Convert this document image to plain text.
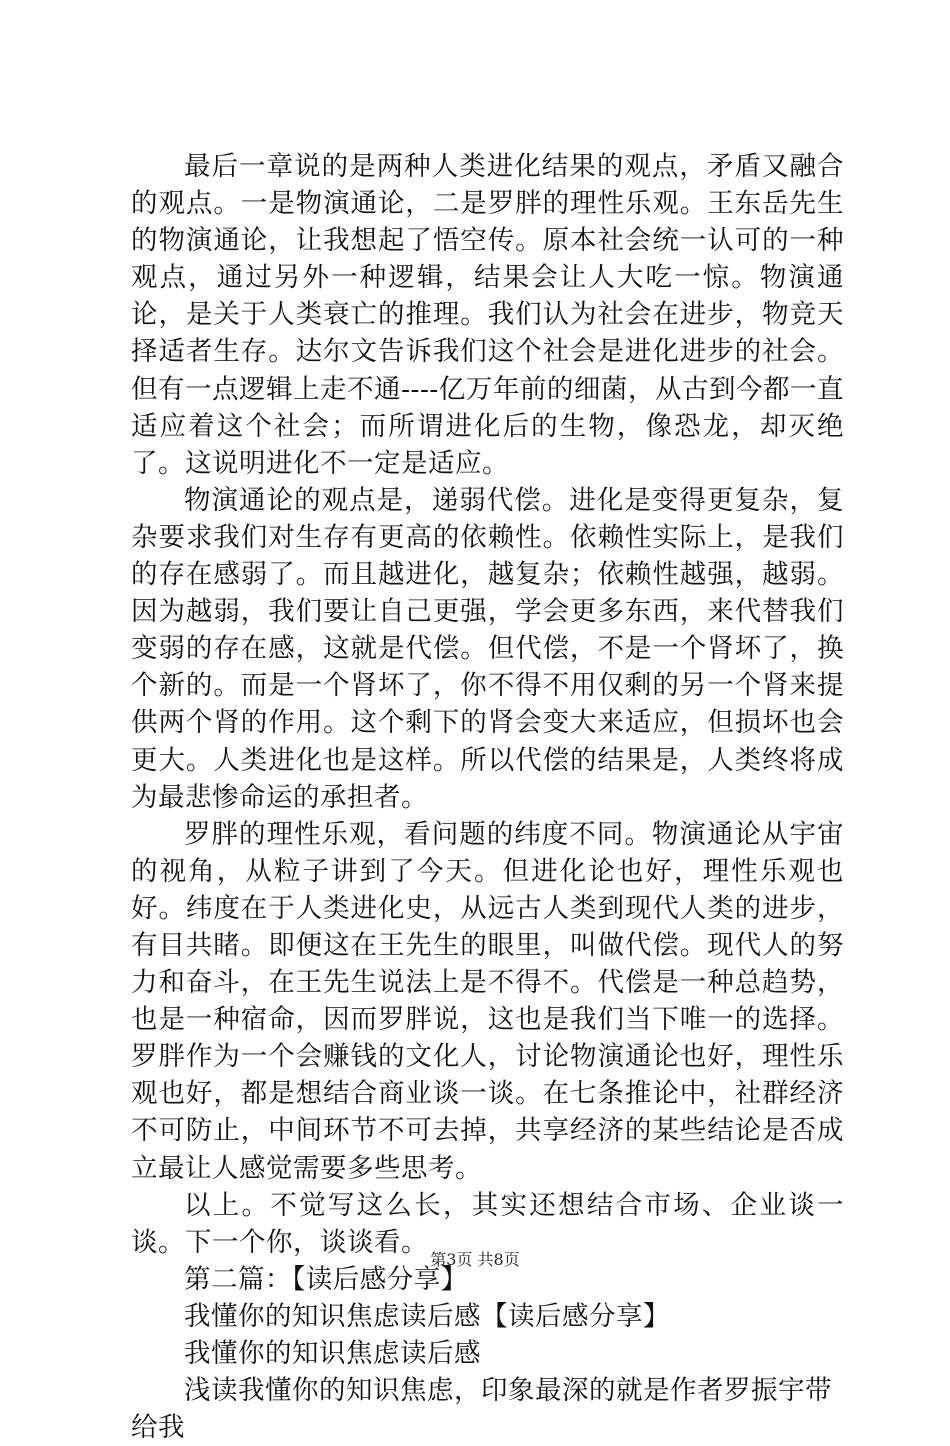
最后一章说的是两种人类进化结果的观点，矛盾又融合的观点。一是物演通论，二是罗胖的理性乐观。王东岳先生的物演通论，让我想起了悟空传。原本社会统一认可的一种观点，通过另外一种逻辑，结果会让人大吃一惊。物演通论，是关于人类衰亡的推理。我们认为社会在进步，物竞天择适者生存。达尔文告诉我们这个社会是进化进步的社会。但有一点逻辑上走不通----亿万年前的细菌，从古到今都一直适应着这个社会；而所谓进化后的生物，像恐龙，却灭绝了。这说明进化不一定是适应。

物演通论的观点是，递弱代偿。进化是变得更复杂，复杂要求我们对生存有更高的依赖性。依赖性实际上，是我们的存在感弱了。而且越进化，越复杂；依赖性越强，越弱。因为越弱，我们要让自己更强，学会更多东西，来代替我们变弱的存在感，这就是代偿。但代偿，不是一个肾坏了，换个新的。而是一个肾坏了，你不得不用仅剩的另一个肾来提供两个肾的作用。这个剩下的肾会变大来适应，但损坏也会更大。人类进化也是这样。所以代偿的结果是，人类终将成为最悲惨命运的承担者。

罗胖的理性乐观，看问题的纬度不同。物演通论从宇宙的视角，从粒子讲到了今天。但进化论也好，理性乐观也好。纬度在于人类进化史，从远古人类到现代人类的进步，有目共睹。即便这在王先生的眼里，叫做代偿。现代人的努力和奋斗，在王先生说法上是不得不。代偿是一种总趋势，也是一种宿命，因而罗胖说，这也是我们当下唯一的选择。罗胖作为一个会赚钱的文化人，讨论物演通论也好，理性乐观也好，都是想结合商业谈一谈。在七条推论中，社群经济不可防止，中间环节不可去掉，共享经济的某些结论是否成立最让人感觉需要多些思考。

以上。不觉写这么长，其实还想结合市场、企业谈一谈。下一个你，谈谈看。

第二篇：【读后感分享】

我懂你的知识焦虑读后感【读后感分享】

我懂你的知识焦虑读后感

浅读我懂你的知识焦虑，印象最深的就是作者罗振宇带给我

第3页 共8页
